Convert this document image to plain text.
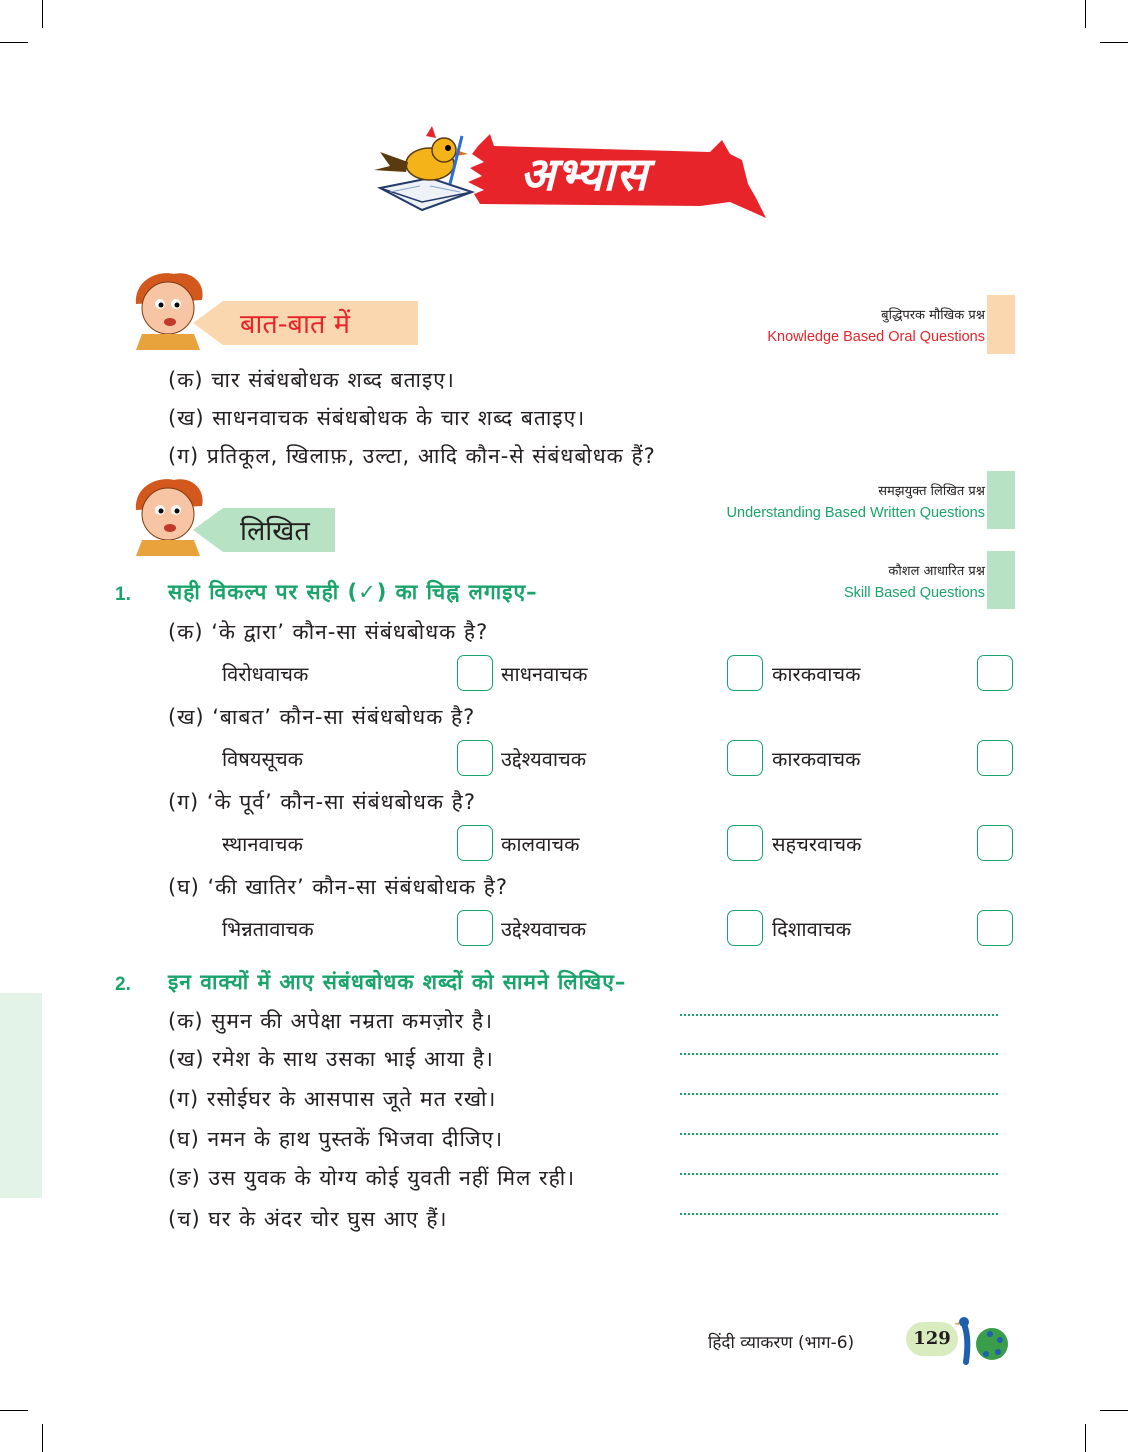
अभ्यास
बात-बात में	बुद्धिपरक मौखिक प्रश्न
Knowledge Based Oral Questions
(क) चार संबंधबोधक शब्द बताइए।
(ख) साधनवाचक संबंधबोधक के चार शब्द बताइए।
(ग) प्रतिकूल, खिलाफ़, उल्टा, आदि कौन-से संबंधबोधक हैं?
लिखित
समझयुक्त लिखित प्रश्न
Understanding Based Written Questions
कौशल आधारित प्रश्न
Skill Based Questions
1. सही विकल्प पर सही (✓) का चिह्न लगाइए–
(क) ‘के द्वारा’ कौन-सा संबंधबोधक है?
विरोधवाचक	साधनवाचक	कारकवाचक
(ख) ‘बाबत’ कौन-सा संबंधबोधक है?
विषयसूचक	उद्देश्यवाचक	कारकवाचक
(ग) ‘के पूर्व’ कौन-सा संबंधबोधक है?
स्थानवाचक	कालवाचक	सहचरवाचक
(घ) ‘की खातिर’ कौन-सा संबंधबोधक है?
भिन्नतावाचक	उद्देश्यवाचक	दिशावाचक
2. इन वाक्यों में आए संबंधबोधक शब्दों को सामने लिखिए–
(क) सुमन की अपेक्षा नम्रता कमज़ोर है।
(ख) रमेश के साथ उसका भाई आया है।
(ग) रसोईघर के आसपास जूते मत रखो।
(घ) नमन के हाथ पुस्तकें भिजवा दीजिए।
(ङ) उस युवक के योग्य कोई युवती नहीं मिल रही।
(च) घर के अंदर चोर घुस आए हैं।
हिंदी व्याकरण (भाग-6)	129
